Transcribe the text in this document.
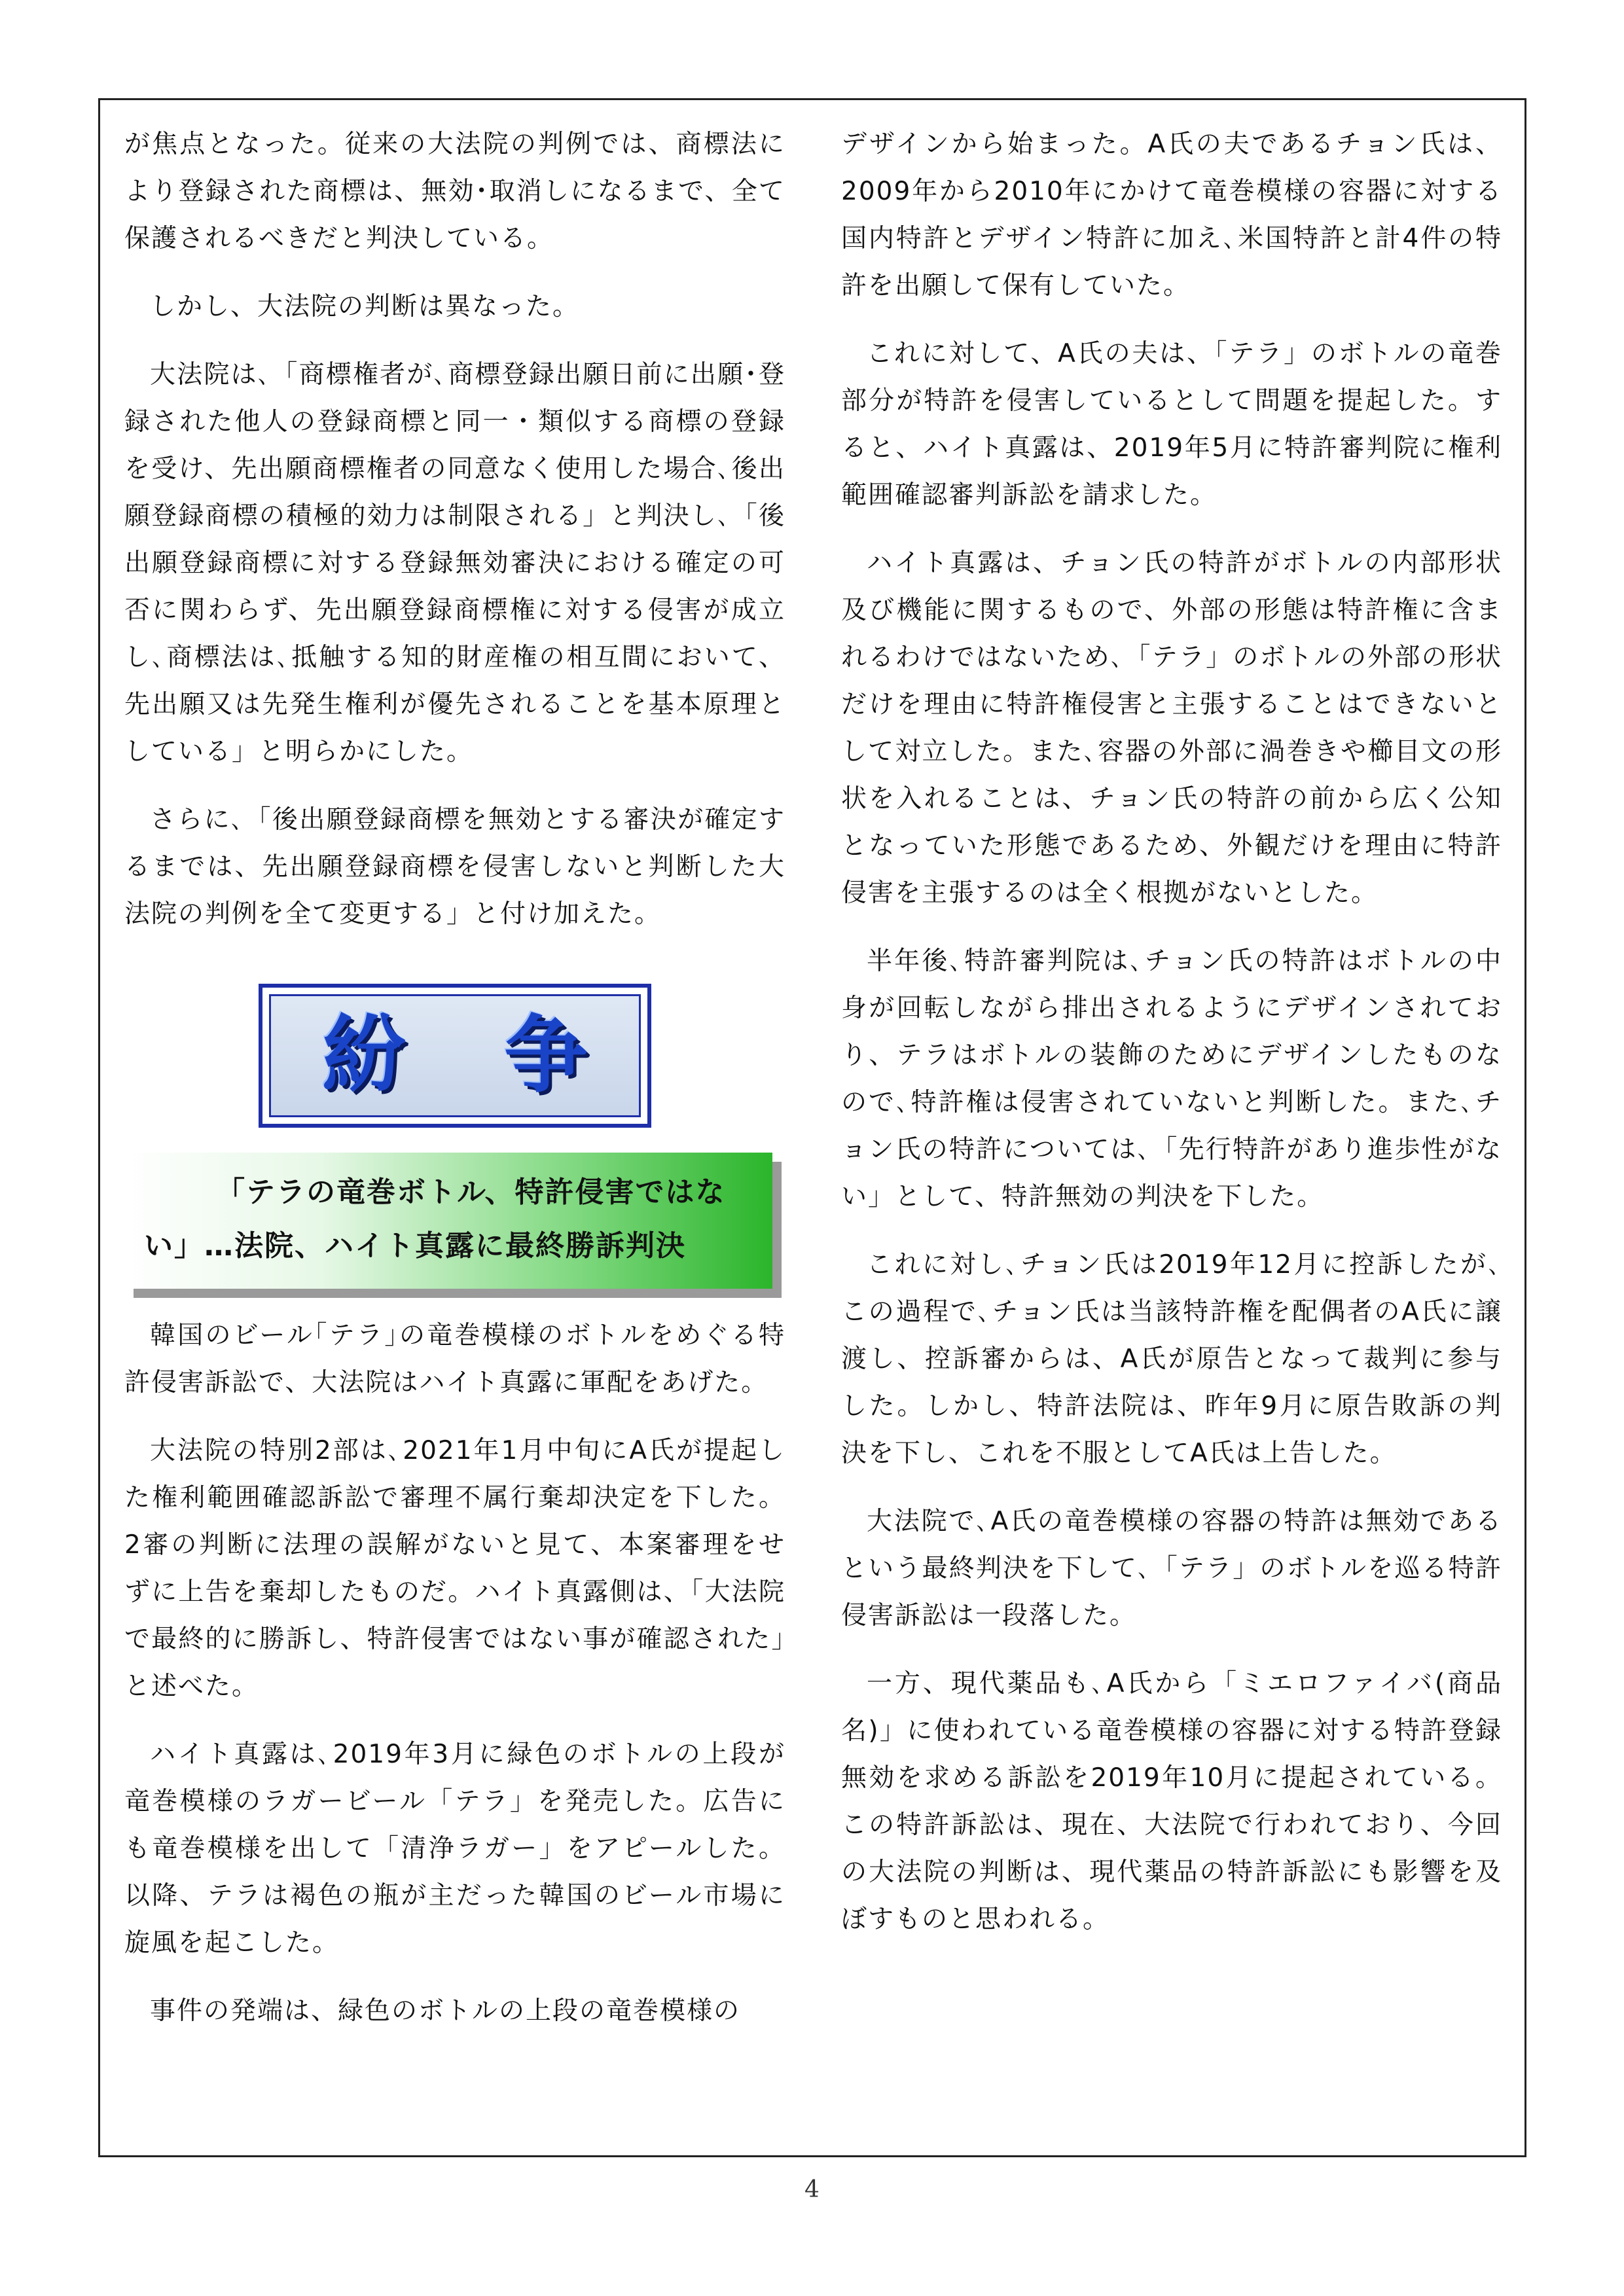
が焦点となった。従来の大法院の判例では、商標法により登録された商標は、無効･取消しになるまで、全て保護されるべきだと判決している。

しかし、大法院の判断は異なった。

大法院は､「商標権者が､商標登録出願日前に出願･登録された他人の登録商標と同一・類似する商標の登録を受け、先出願商標権者の同意なく使用した場合､後出願登録商標の積極的効力は制限される」と判決し､「後出願登録商標に対する登録無効審決における確定の可否に関わらず、先出願登録商標権に対する侵害が成立し､商標法は､抵触する知的財産権の相互間において、先出願又は先発生権利が優先されることを基本原理としている」と明らかにした。

さらに､「後出願登録商標を無効とする審決が確定するまでは、先出願登録商標を侵害しないと判断した大法院の判例を全て変更する」と付け加えた。

紛 争

「テラの竜巻ボトル、特許侵害ではない」…法院、ハイト真露に最終勝訴判決

韓国のビール｢テラ｣の竜巻模様のボトルをめぐる特許侵害訴訟で、大法院はハイト真露に軍配をあげた。

大法院の特別2部は､2021年1月中旬にA氏が提起した権利範囲確認訴訟で審理不属行棄却決定を下した。2審の判断に法理の誤解がないと見て、本案審理をせずに上告を棄却したものだ。ハイト真露側は、「大法院で最終的に勝訴し、特許侵害ではない事が確認された」と述べた。

ハイト真露は､2019年3月に緑色のボトルの上段が竜巻模様のラガービール「テラ」を発売した。広告にも竜巻模様を出して「清浄ラガー」をアピールした。以降、テラは褐色の瓶が主だった韓国のビール市場に旋風を起こした。

事件の発端は、緑色のボトルの上段の竜巻模様の

デザインから始まった。A氏の夫であるチョン氏は、2009年から2010年にかけて竜巻模様の容器に対する国内特許とデザイン特許に加え､米国特許と計4件の特許を出願して保有していた。

これに対して、A氏の夫は、「テラ」のボトルの竜巻部分が特許を侵害しているとして問題を提起した。すると、ハイト真露は、2019年5月に特許審判院に権利範囲確認審判訴訟を請求した。

ハイト真露は、チョン氏の特許がボトルの内部形状及び機能に関するもので、外部の形態は特許権に含まれるわけではないため､「テラ」のボトルの外部の形状だけを理由に特許権侵害と主張することはできないとして対立した。また､容器の外部に渦巻きや櫛目文の形状を入れることは、チョン氏の特許の前から広く公知となっていた形態であるため、外観だけを理由に特許侵害を主張するのは全く根拠がないとした。

半年後､特許審判院は､チョン氏の特許はボトルの中身が回転しながら排出されるようにデザインされており、テラはボトルの装飾のためにデザインしたものなので､特許権は侵害されていないと判断した。また､チョン氏の特許については､「先行特許があり進歩性がない」として、特許無効の判決を下した。

これに対し､チョン氏は2019年12月に控訴したが､この過程で､チョン氏は当該特許権を配偶者のA氏に譲渡し、控訴審からは、A氏が原告となって裁判に参与した。しかし、特許法院は、昨年9月に原告敗訴の判決を下し、これを不服としてA氏は上告した。

大法院で､A氏の竜巻模様の容器の特許は無効であるという最終判決を下して､「テラ」のボトルを巡る特許侵害訴訟は一段落した。

一方、現代薬品も､A氏から「ミエロファイバ(商品名)」に使われている竜巻模様の容器に対する特許登録無効を求める訴訟を2019年10月に提起されている。この特許訴訟は、現在、大法院で行われており、今回の大法院の判断は、現代薬品の特許訴訟にも影響を及ぼすものと思われる。

4
